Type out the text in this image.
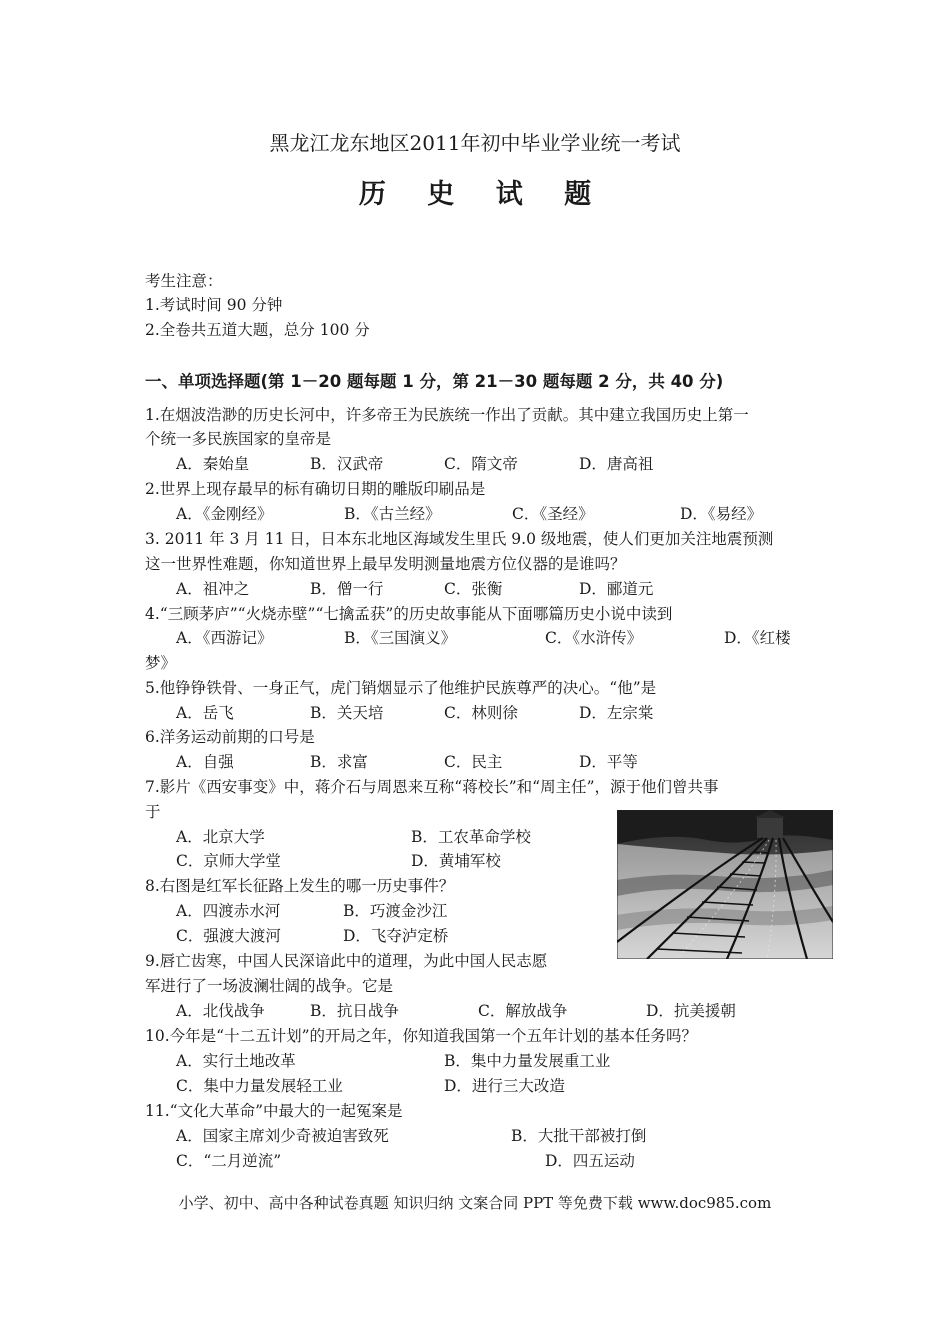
黑龙江龙东地区2011年初中毕业学业统一考试
历 史 试 题
考生注意：
1.考试时间 90 分钟
2.全卷共五道大题，总分 100 分
一、单项选择题(第 1－20 题每题 1 分，第 21－30 题每题 2 分，共 40 分)
1.在烟波浩渺的历史长河中，许多帝王为民族统一作出了贡献。其中建立我国历史上第一
个统一多民族国家的皇帝是
A．秦始皇	B．汉武帝	C．隋文帝	D．唐高祖
2.世界上现存最早的标有确切日期的雕版印刷品是
A．《金刚经》	B．《古兰经》	C．《圣经》	D．《易经》
3. 2011 年 3 月 11 日，日本东北地区海域发生里氏 9.0 级地震，使人们更加关注地震预测
这一世界性难题，你知道世界上最早发明测量地震方位仪器的是谁吗？
A．祖冲之	B．僧一行	C．张衡	D．郦道元
4.“三顾茅庐”“火烧赤壁”“七擒孟获”的历史故事能从下面哪篇历史小说中读到
A．《西游记》	B．《三国演义》	C．《水浒传》	D．《红楼
梦》
5.他铮铮铁骨、一身正气，虎门销烟显示了他维护民族尊严的决心。“他”是
A．岳飞	B．关天培	C．林则徐	D．左宗棠
6.洋务运动前期的口号是
A．自强	B．求富	C．民主	D．平等
7.影片《西安事变》中，蒋介石与周恩来互称“蒋校长”和“周主任”，源于他们曾共事
于
A．北京大学	B．工农革命学校
C．京师大学堂	D．黄埔军校
8.右图是红军长征路上发生的哪一历史事件？
A．四渡赤水河	B．巧渡金沙江
C．强渡大渡河	D．飞夺泸定桥
9.唇亡齿寒，中国人民深谙此中的道理，为此中国人民志愿
军进行了一场波澜壮阔的战争。它是
A．北伐战争	B．抗日战争	C．解放战争	D．抗美援朝
10.今年是“十二五计划”的开局之年，你知道我国第一个五年计划的基本任务吗？
A．实行土地改革	B．集中力量发展重工业
C．集中力量发展轻工业	D．进行三大改造
11.“文化大革命”中最大的一起冤案是
A．国家主席刘少奇被迫害致死	B．大批干部被打倒
C．“二月逆流”	D．四五运动
小学、初中、高中各种试卷真题 知识归纳 文案合同 PPT 等免费下载 www.doc985.com
